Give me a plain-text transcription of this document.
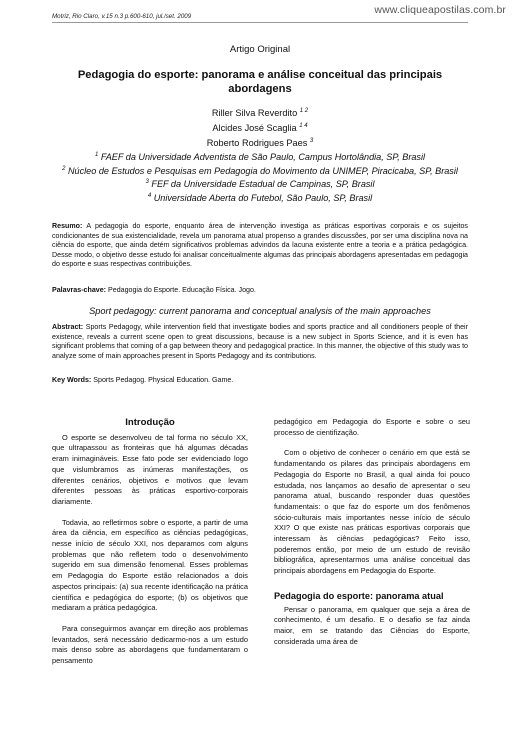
Motriz, Rio Claro, v.15 n.3 p.600-610, jul./set. 2009
www.cliqueapostilas.com.br
Artigo Original
Pedagogia do esporte: panorama e análise conceitual das principais abordagens
Riller Silva Reverdito $^{1 2}$
Alcides José Scaglia $^{1 4}$
Roberto Rodrigues Paes $^3$
$^1$ FAEF da Universidade Adventista de São Paulo, Campus Hortolândia, SP, Brasil
$^2$ Núcleo de Estudos e Pesquisas em Pedagogia do Movimento da UNIMEP, Piracicaba, SP, Brasil
$^3$ FEF da Universidade Estadual de Campinas, SP, Brasil
$^4$ Universidade Aberta do Futebol, São Paulo, SP, Brasil
Resumo: A pedagogia do esporte, enquanto área de intervenção investiga as práticas esportivas corporais e os sujeitos condicionantes de sua existencialidade, revela um panorama atual propenso a grandes discussões, por ser uma disciplina nova na ciência do esporte, que ainda detém significativos problemas advindos da lacuna existente entre a teoria e a prática pedagógica. Desse modo, o objetivo desse estudo foi analisar conceitualmente algumas das principais abordagens apresentadas em pedagogia do esporte e suas respectivas contribuições.
Palavras-chave: Pedagogia do Esporte. Educação Física. Jogo.
Sport pedagogy: current panorama and conceptual analysis of the main approaches
Abstract: Sports Pedagogy, while intervention field that investigate bodies and sports practice and all conditioners people of their existence, reveals a current scene open to great discussions, because is a new subject in Sports Science, and it is even has significant problems that coming of a gap between theory and pedagogical practice. In this manner, the objective of this study was to analyze some of main approaches present in Sports Pedagogy and its contributions.
Key Words: Sports Pedagog. Physical Education. Game.
Introdução

O esporte se desenvolveu de tal forma no século XX, que ultrapassou as fronteiras que há algumas décadas eram inimagináveis. Esse fato pode ser evidenciado logo que vislumbramos as inúmeras manifestações, os diferentes cenários, objetivos e motivos que levam diferentes pessoas às práticas esportivo-corporais diariamente.

Todavia, ao refletirmos sobre o esporte, a partir de uma área da ciência, em específico as ciências pedagógicas, nesse início de século XXI, nos deparamos com alguns problemas que não refletem todo o desenvolvimento sugerido em sua dimensão fenomenal. Esses problemas em Pedagogia do Esporte estão relacionados a dois aspectos principais: (a) sua recente identificação na prática científica e pedagógica do esporte; (b) os objetivos que mediaram a prática pedagógica.

Para conseguirmos avançar em direção aos problemas levantados, será necessário dedicarmo-nos a um estudo mais denso sobre as abordagens que fundamentaram o pensamento

pedagógico em Pedagogia do Esporte e sobre o seu processo de cientifização.

Com o objetivo de conhecer o cenário em que está se fundamentando os pilares das principais abordagens em Pedagogia do Esporte no Brasil, a qual ainda foi pouco estudada, nos lançamos ao desafio de apresentar o seu panorama atual, buscando responder duas questões fundamentais: o que faz do esporte um dos fenômenos sócio-culturais mais importantes nesse início de século XXI? O que existe nas práticas esportivas corporais que interessam às ciências pedagógicas? Feito isso, poderemos então, por meio de um estudo de revisão bibliográfica, apresentarmos uma análise conceitual das principais abordagens em Pedagogia do Esporte.

Pedagogia do esporte: panorama atual

Pensar o panorama, em qualquer que seja a área de conhecimento, é um desafio. E o desafio se faz ainda maior, em se tratando das Ciências do Esporte, considerada uma área de
